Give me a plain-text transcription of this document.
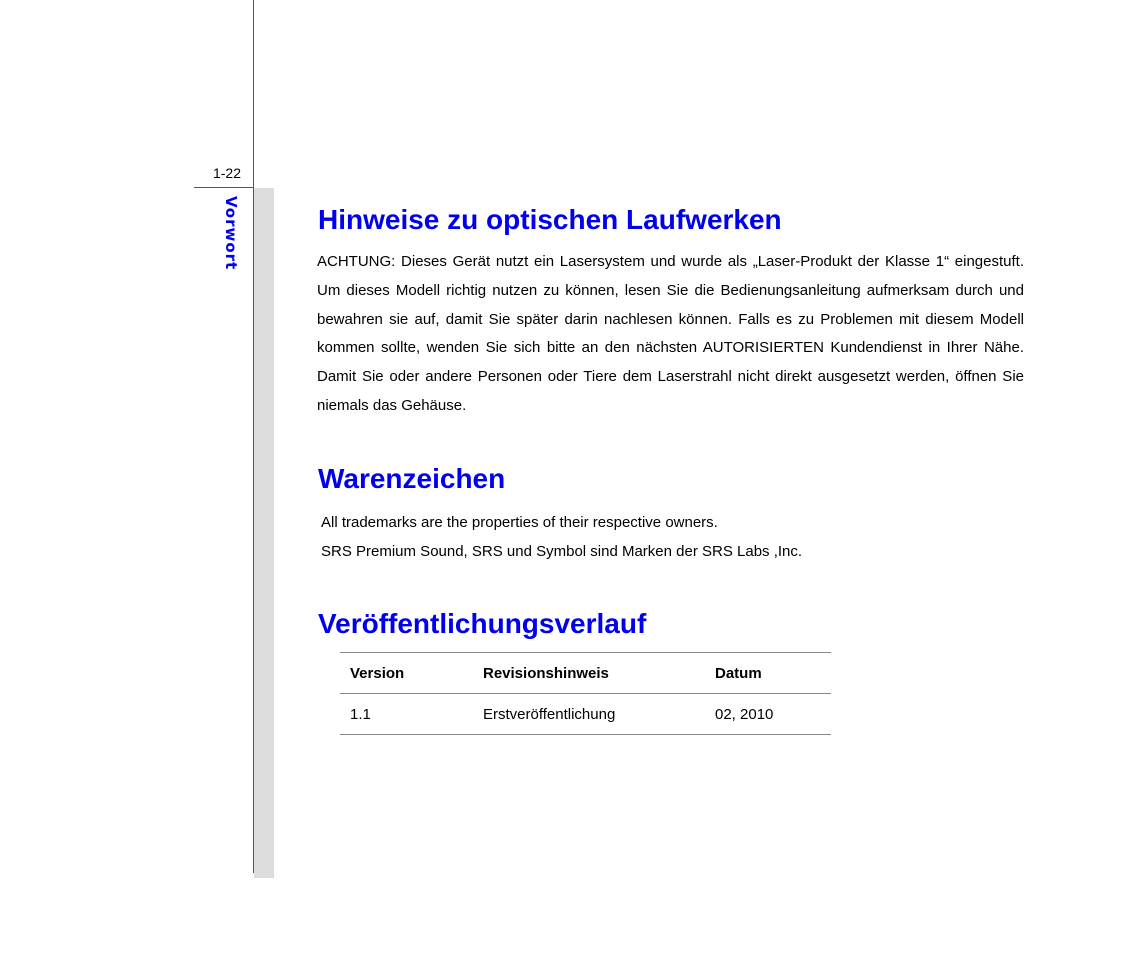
1-22
Vorwort	Hinweise zu optischen Laufwerken

ACHTUNG: Dieses Gerät nutzt ein Lasersystem und wurde als „Laser-Produkt der Klasse 1“ eingestuft. Um dieses Modell richtig nutzen zu können, lesen Sie die Bedienungsanleitung aufmerksam durch und bewahren sie auf, damit Sie später darin nachlesen können. Falls es zu Problemen mit diesem Modell kommen sollte, wenden Sie sich bitte an den nächsten AUTORISIERTEN Kundendienst in Ihrer Nähe. Damit Sie oder andere Personen oder Tiere dem Laserstrahl nicht direkt ausgesetzt werden, öffnen Sie niemals das Gehäuse.

Warenzeichen
All trademarks are the properties of their respective owners.
SRS Premium Sound, SRS und Symbol sind Marken der SRS Labs ,Inc.
Veröffentlichungsverlauf
Version	Revisionshinweis	Datum
1.1	Erstveröffentlichung	02, 2010
